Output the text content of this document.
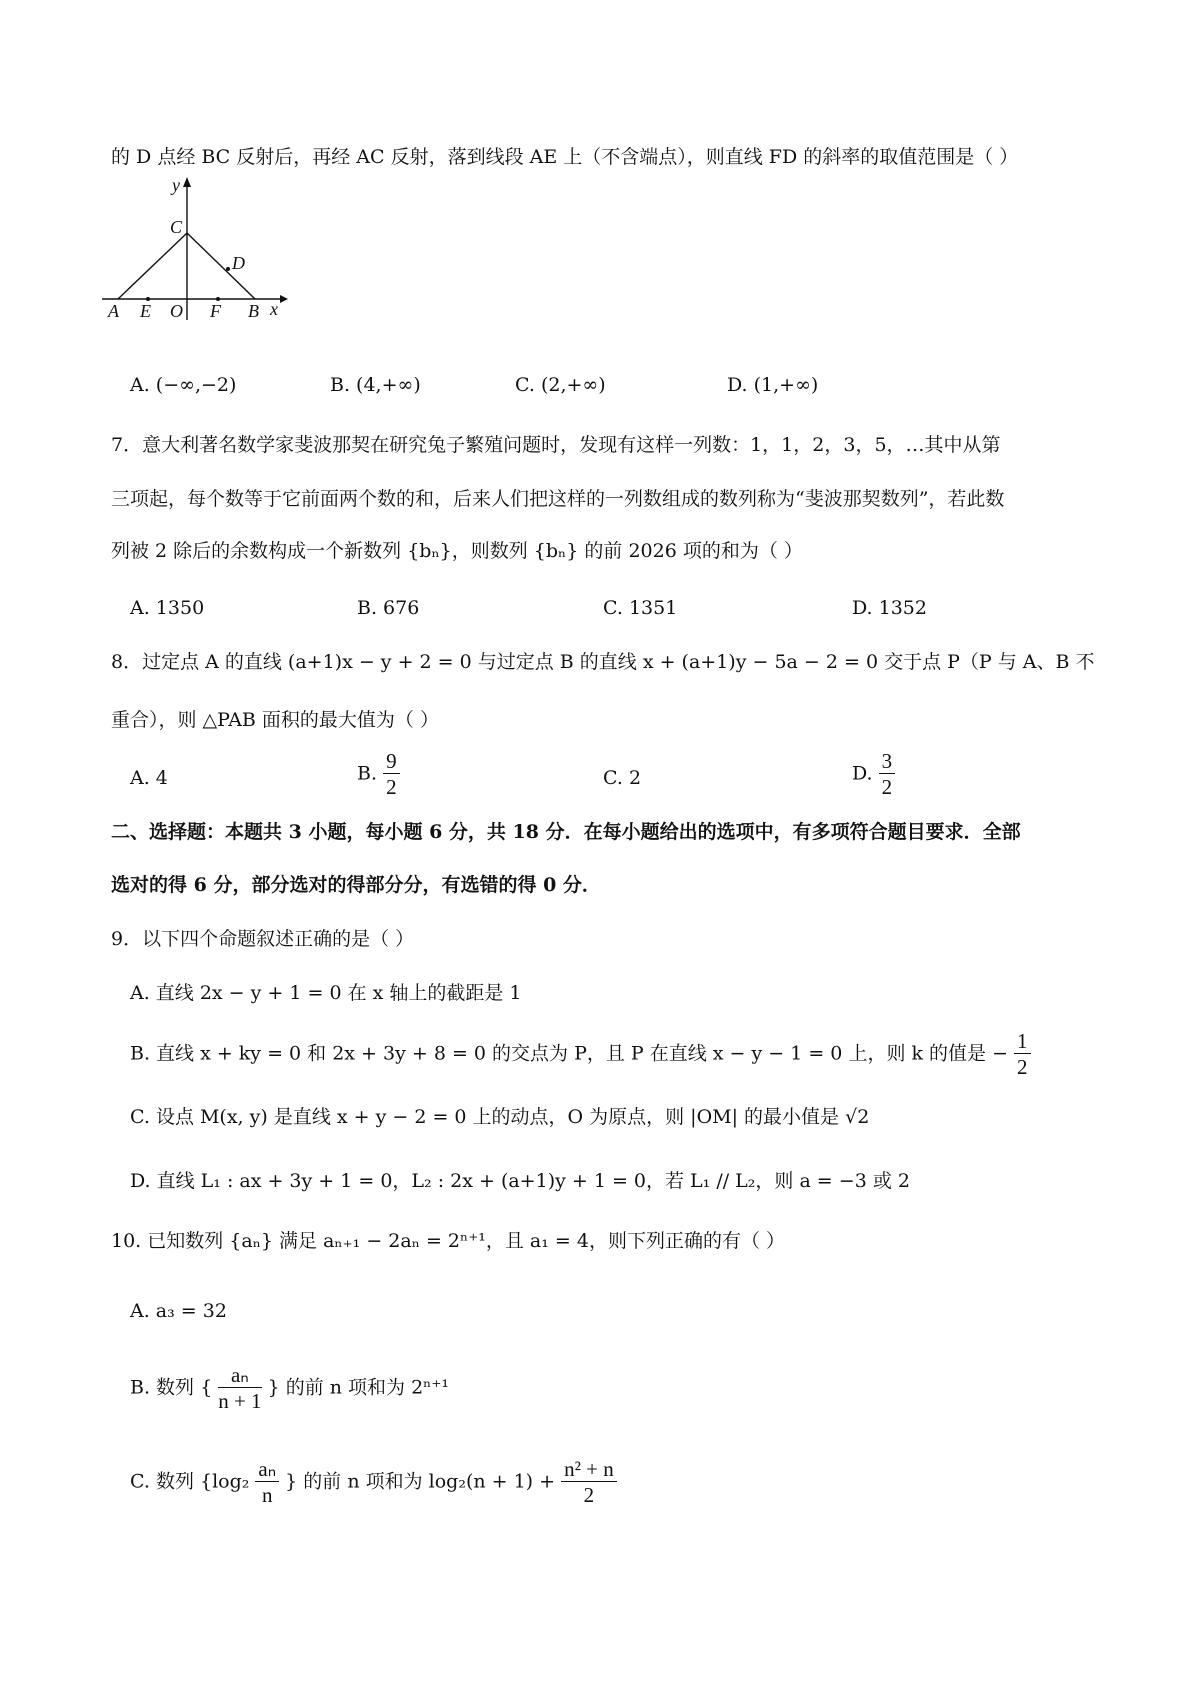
的 D 点经 BC 反射后，再经 AC 反射，落到线段 AE 上（不含端点），则直线 FD 的斜率的取值范围是（ ）
y
x
C
D
A E O F B
A. (−∞,−2)	B. (4,+∞)	C. (2,+∞)	D. (1,+∞)
7．意大利著名数学家斐波那契在研究兔子繁殖问题时，发现有这样一列数：1，1，2，3，5，…其中从第
三项起，每个数等于它前面两个数的和，后来人们把这样的一列数组成的数列称为“斐波那契数列”，若此数
列被 2 除后的余数构成一个新数列 {bₙ}，则数列 {bₙ} 的前 2026 项的和为（ ）
A. 1350	B. 676	C. 1351	D. 1352
8．过定点 A 的直线 (a+1)x − y + 2 = 0 与过定点 B 的直线 x + (a+1)y − 5a − 2 = 0 交于点 P（P 与 A、B 不
重合），则 △PAB 面积的最大值为（ ）
A. 4	B. $\frac{9}{2}$	C. 2	D. $\frac{3}{2}$
二、选择题：本题共 3 小题，每小题 6 分，共 18 分．在每小题给出的选项中，有多项符合题目要求．全部
选对的得 6 分，部分选对的得部分分，有选错的得 0 分．
9．以下四个命题叙述正确的是（ ）
A. 直线 2x − y + 1 = 0 在 x 轴上的截距是 1
B. 直线 x + ky = 0 和 2x + 3y + 8 = 0 的交点为 P，且 P 在直线 x − y − 1 = 0 上，则 k 的值是 − $\frac{1}{2}$
C. 设点 M(x, y) 是直线 x + y − 2 = 0 上的动点，O 为原点，则 |OM| 的最小值是 √2
D. 直线 L₁ : ax + 3y + 1 = 0，L₂ : 2x + (a+1)y + 1 = 0，若 L₁ // L₂，则 a = −3 或 2
10. 已知数列 {aₙ} 满足 aₙ₊₁ − 2aₙ = 2ⁿ⁺¹，且 a₁ = 4，则下列正确的有（ ）
A. a₃ = 32
B. 数列 { $\frac{\text{aₙ}}{n + 1}$ } 的前 n 项和为 2ⁿ⁺¹
C. 数列 {$\log_2 \frac{\text{aₙ}}{n}$ } 的前 n 项和为 $\log_2(n + 1) + \frac{\text{n² + n}}{2}$
